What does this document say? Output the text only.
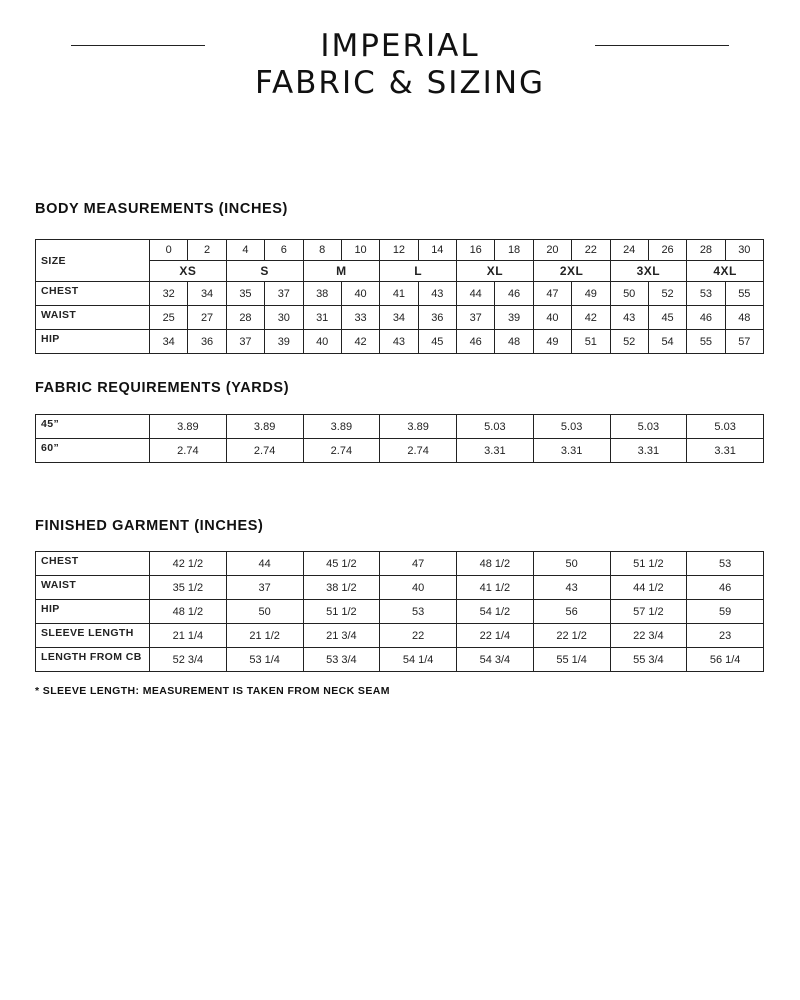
IMPERIAL
FABRIC & SIZING
BODY MEASUREMENTS (INCHES)
SIZE	0	2	4	6	8	10	12	14	16	18	20	22	24	26	28	30
	XS		S		M		L		XL		2XL		3XL		4XL	
CHEST	32	34	35	37	38	40	41	43	44	46	47	49	50	52	53	55
WAIST	25	27	28	30	31	33	34	36	37	39	40	42	43	45	46	48
HIP	34	36	37	39	40	42	43	45	46	48	49	51	52	54	55	57
FABRIC REQUIREMENTS (YARDS)
45”	3.89	3.89	3.89	3.89	5.03	5.03	5.03	5.03
60”	2.74	2.74	2.74	2.74	3.31	3.31	3.31	3.31
FINISHED GARMENT (INCHES)
CHEST	42 1/2	44	45 1/2	47	48 1/2	50	51 1/2	53
WAIST	35 1/2	37	38 1/2	40	41 1/2	43	44 1/2	46
HIP	48 1/2	50	51 1/2	53	54 1/2	56	57 1/2	59
SLEEVE LENGTH	21 1/4	21 1/2	21 3/4	22	22 1/4	22 1/2	22 3/4	23
LENGTH FROM CB	52 3/4	53 1/4	53 3/4	54 1/4	54 3/4	55 1/4	55 3/4	56 1/4

* SLEEVE LENGTH: MEASUREMENT IS TAKEN FROM NECK SEAM
